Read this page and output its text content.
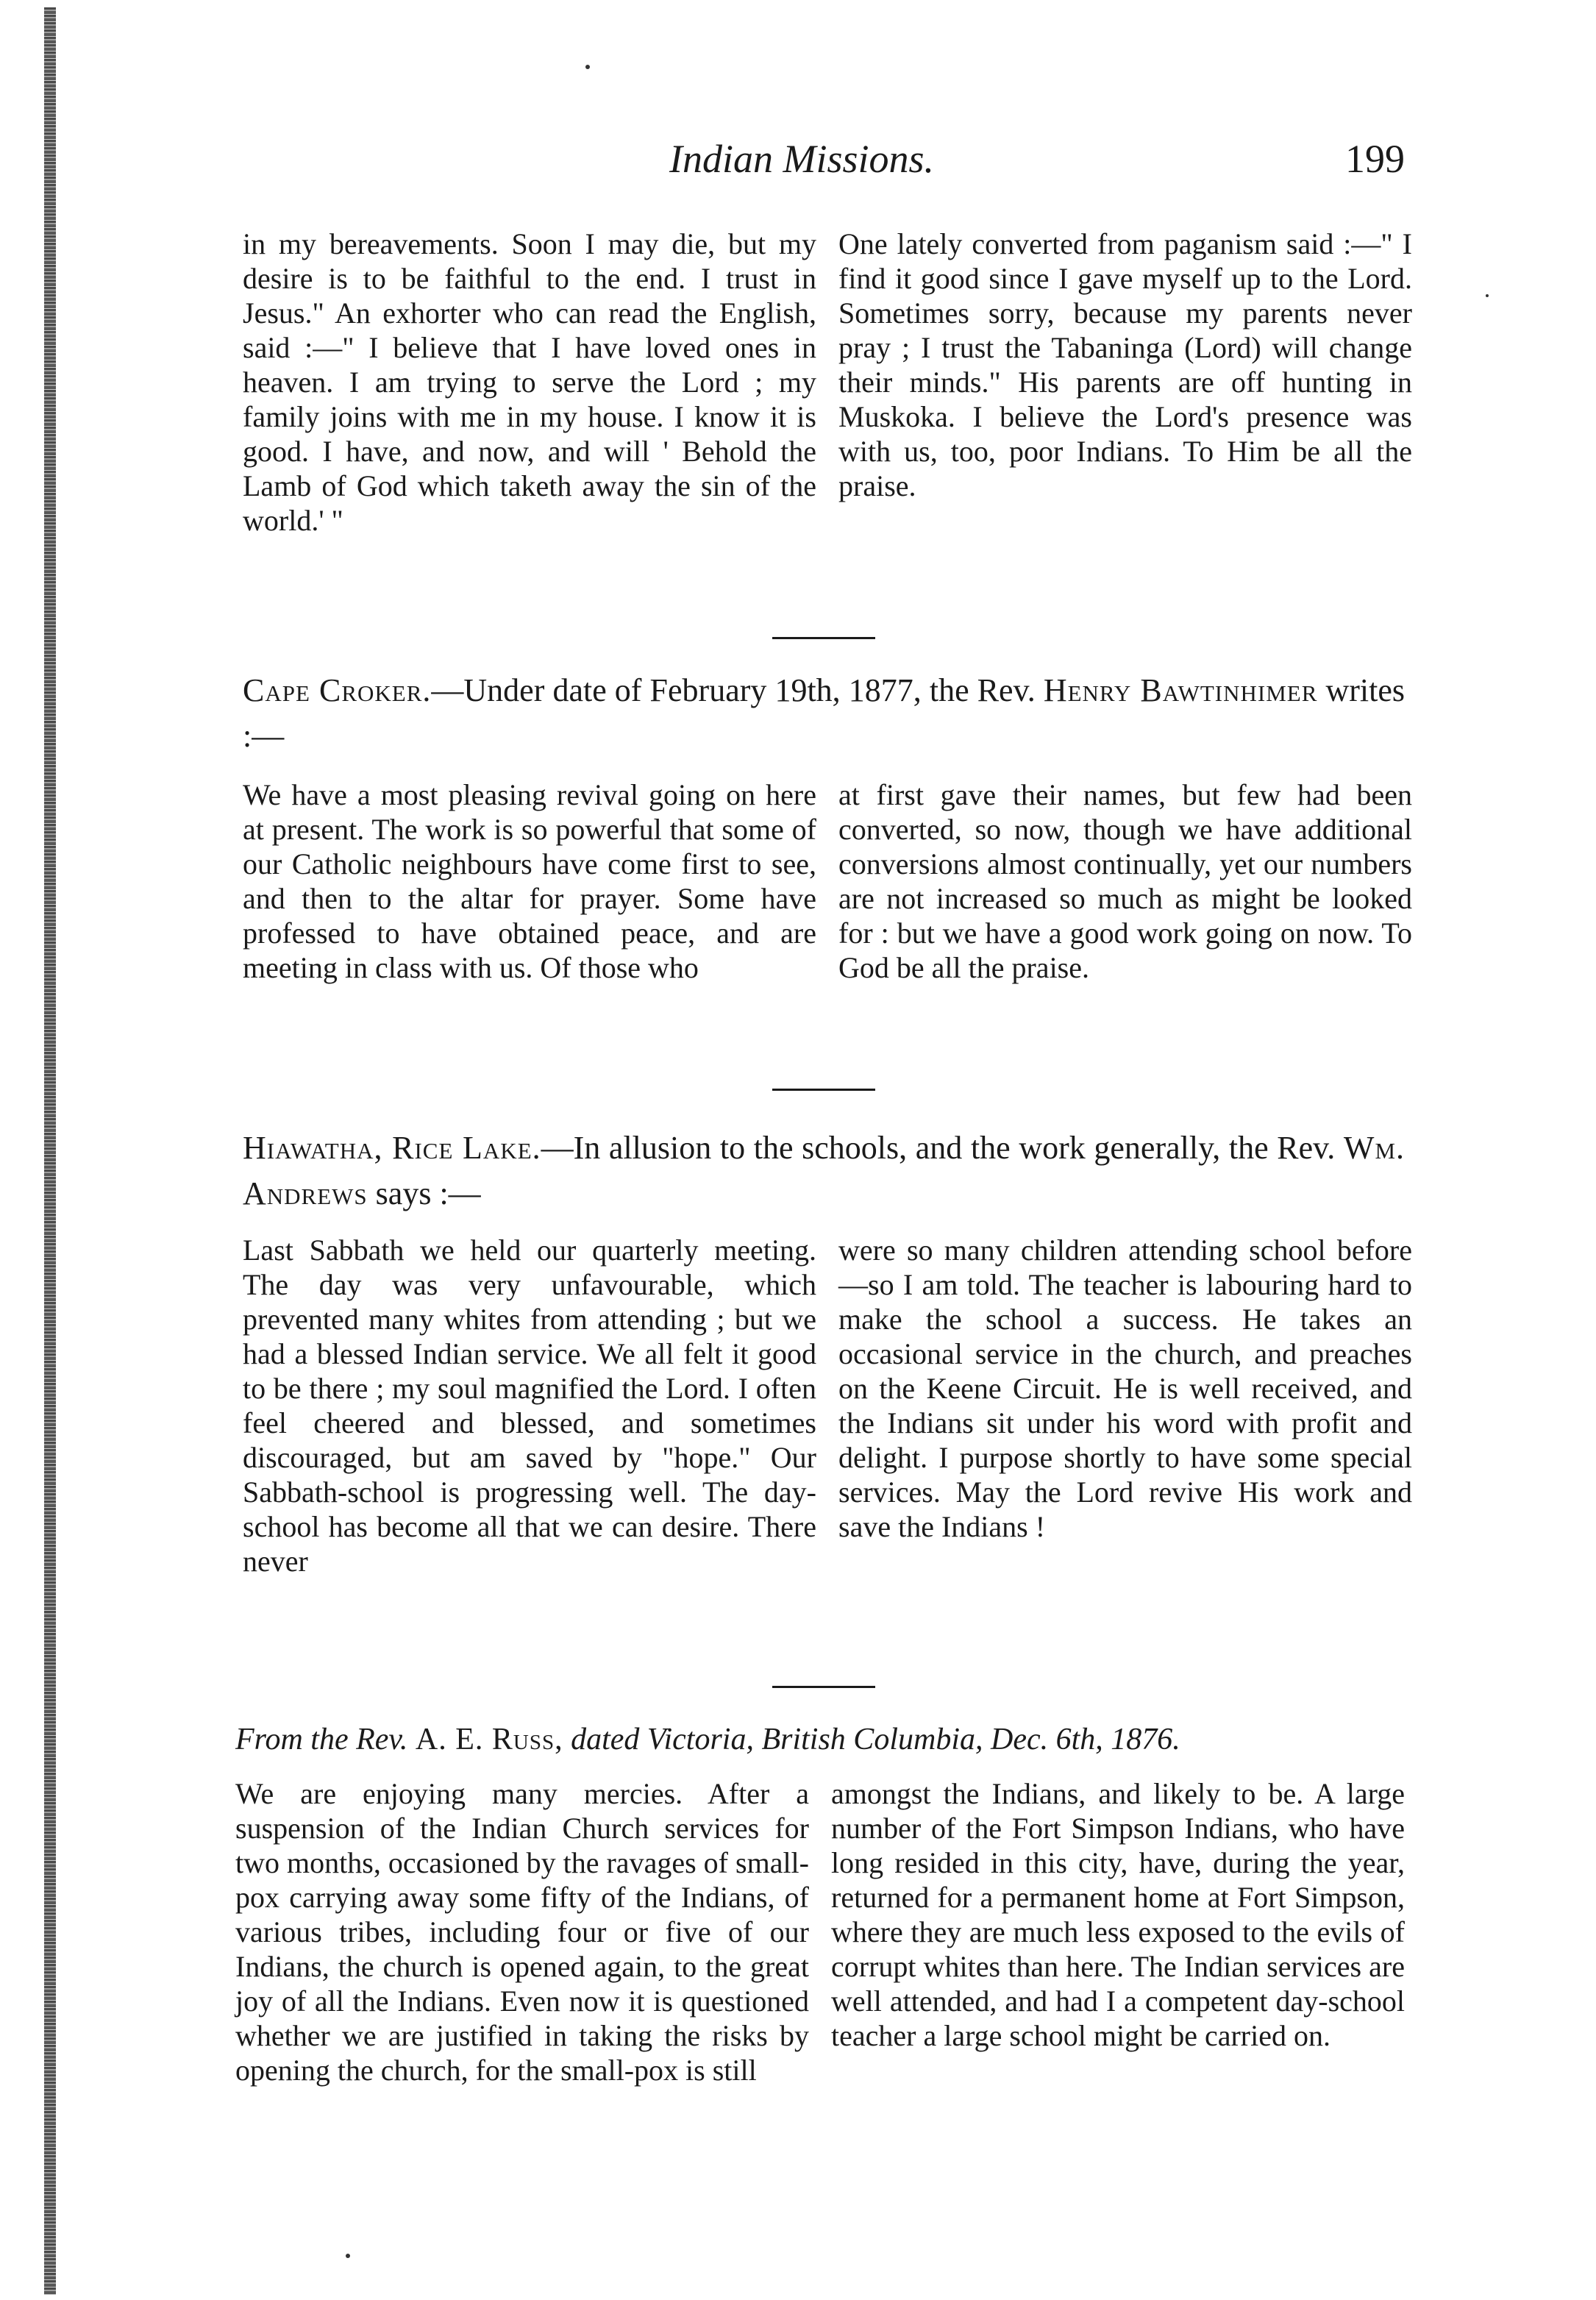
Indian Missions.	199

in my bereavements. Soon I may die, but my desire is to be faithful to the end. I trust in Jesus." An exhorter who can read the English, said :—" I believe that I have loved ones in heaven. I am trying to serve the Lord ; my family joins with me in my house. I know it is good. I have, and now, and will ' Behold the Lamb of God which taketh away the sin of the world.' "

One lately converted from paganism said :—" I find it good since I gave myself up to the Lord. Sometimes sorry, because my parents never pray ; I trust the Tabaninga (Lord) will change their minds." His parents are off hunting in Muskoka. I believe the Lord's presence was with us, too, poor Indians. To Him be all the praise.

Cape Croker.—Under date of February 19th, 1877, the Rev. Henry Bawtinhimer writes :—

We have a most pleasing revival going on here at present. The work is so powerful that some of our Catholic neighbours have come first to see, and then to the altar for prayer. Some have professed to have obtained peace, and are meeting in class with us. Of those who

at first gave their names, but few had been converted, so now, though we have additional conversions almost continually, yet our numbers are not increased so much as might be looked for : but we have a good work going on now. To God be all the praise.

Hiawatha, Rice Lake.—In allusion to the schools, and the work generally, the Rev. Wm. Andrews says :—

Last Sabbath we held our quarterly meeting. The day was very unfavourable, which prevented many whites from attending ; but we had a blessed Indian service. We all felt it good to be there ; my soul magnified the Lord. I often feel cheered and blessed, and sometimes discouraged, but am saved by "hope." Our Sabbath-school is progressing well. The day-school has become all that we can desire. There never

were so many children attending school before—so I am told. The teacher is labouring hard to make the school a success. He takes an occasional service in the church, and preaches on the Keene Circuit. He is well received, and the Indians sit under his word with profit and delight. I purpose shortly to have some special services. May the Lord revive His work and save the Indians !

From the Rev. A. E. Russ, dated Victoria, British Columbia, Dec. 6th, 1876.

We are enjoying many mercies. After a suspension of the Indian Church services for two months, occasioned by the ravages of small-pox carrying away some fifty of the Indians, of various tribes, including four or five of our Indians, the church is opened again, to the great joy of all the Indians. Even now it is questioned whether we are justified in taking the risks by opening the church, for the small-pox is still

amongst the Indians, and likely to be. A large number of the Fort Simpson Indians, who have long resided in this city, have, during the year, returned for a permanent home at Fort Simpson, where they are much less exposed to the evils of corrupt whites than here. The Indian services are well attended, and had I a competent day-school teacher a large school might be carried on.
